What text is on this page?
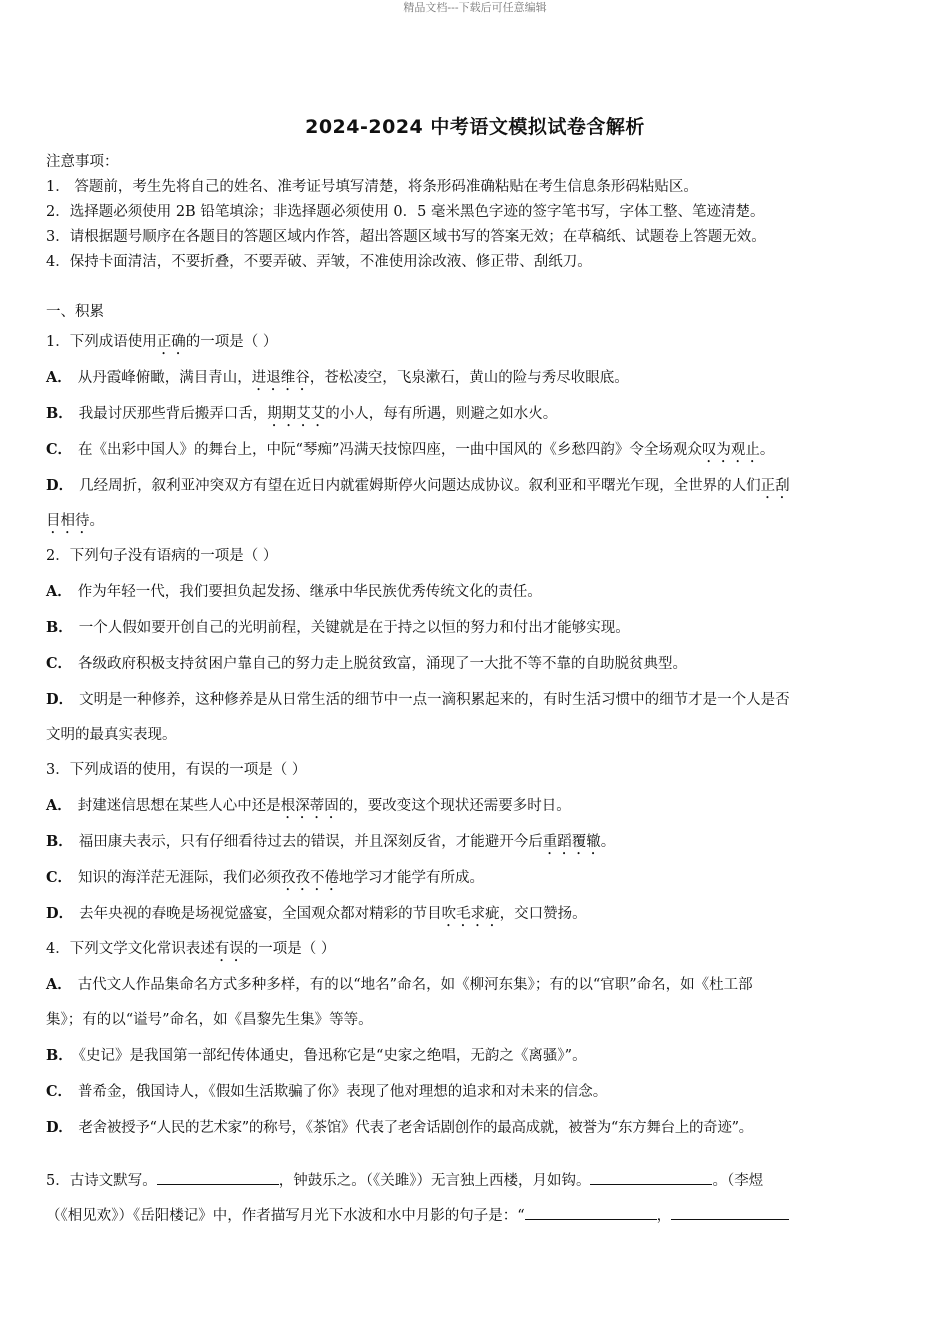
精品文档---下载后可任意编辑
2024-2024 中考语文模拟试卷含解析
注意事项：
1． 答题前，考生先将自己的姓名、准考证号填写清楚，将条形码准确粘贴在考生信息条形码粘贴区。
2．选择题必须使用 2B 铅笔填涂；非选择题必须使用 0．5 毫米黑色字迹的签字笔书写，字体工整、笔迹清楚。
3．请根据题号顺序在各题目的答题区域内作答，超出答题区域书写的答案无效；在草稿纸、试题卷上答题无效。
4．保持卡面清洁，不要折叠，不要弄破、弄皱，不准使用涂改液、修正带、刮纸刀。
一、积累
1．下列成语使用正确的一项是（ ）
A． 从丹霞峰俯瞰，满目青山，进退维谷，苍松凌空，飞泉漱石，黄山的险与秀尽收眼底。
B． 我最讨厌那些背后搬弄口舌，期期艾艾的小人，每有所遇，则避之如水火。
C． 在《出彩中国人》的舞台上，中阮“琴痴”冯满天技惊四座，一曲中国风的《乡愁四韵》令全场观众叹为观止。
D． 几经周折，叙利亚冲突双方有望在近日内就霍姆斯停火问题达成协议。叙利亚和平曙光乍现，全世界的人们正刮
目相待。
2．下列句子没有语病的一项是（ ）
A． 作为年轻一代，我们要担负起发扬、继承中华民族优秀传统文化的责任。
B． 一个人假如要开创自己的光明前程，关键就是在于持之以恒的努力和付出才能够实现。
C． 各级政府积极支持贫困户靠自己的努力走上脱贫致富，涌现了一大批不等不靠的自助脱贫典型。
D． 文明是一种修养，这种修养是从日常生活的细节中一点一滴积累起来的，有时生活习惯中的细节才是一个人是否
文明的最真实表现。
3．下列成语的使用，有误的一项是（ ）
A． 封建迷信思想在某些人心中还是根深蒂固的，要改变这个现状还需要多时日。
B． 福田康夫表示，只有仔细看待过去的错误，并且深刻反省，才能避开今后重蹈覆辙。
C． 知识的海洋茫无涯际，我们必须孜孜不倦地学习才能学有所成。
D． 去年央视的春晚是场视觉盛宴，全国观众都对精彩的节目吹毛求疵，交口赞扬。
4．下列文学文化常识表述有误的一项是（ ）
A． 古代文人作品集命名方式多种多样，有的以“地名”命名，如《柳河东集》；有的以“官职”命名，如《杜工部
集》；有的以“谥号”命名，如《昌黎先生集》等等。
B． 《史记》是我国第一部纪传体通史，鲁迅称它是“史家之绝唱，无韵之《离骚》”。
C． 普希金，俄国诗人，《假如生活欺骗了你》表现了他对理想的追求和对未来的信念。
D． 老舍被授予“人民的艺术家”的称号，《茶馆》代表了老舍话剧创作的最高成就，被誉为“东方舞台上的奇迹”。
5．古诗文默写。	，钟鼓乐之。（《关雎》）无言独上西楼，月如钩。	。（李煜
（《相见欢》）《岳阳楼记》中，作者描写月光下水波和水中月影的句子是：“	，
